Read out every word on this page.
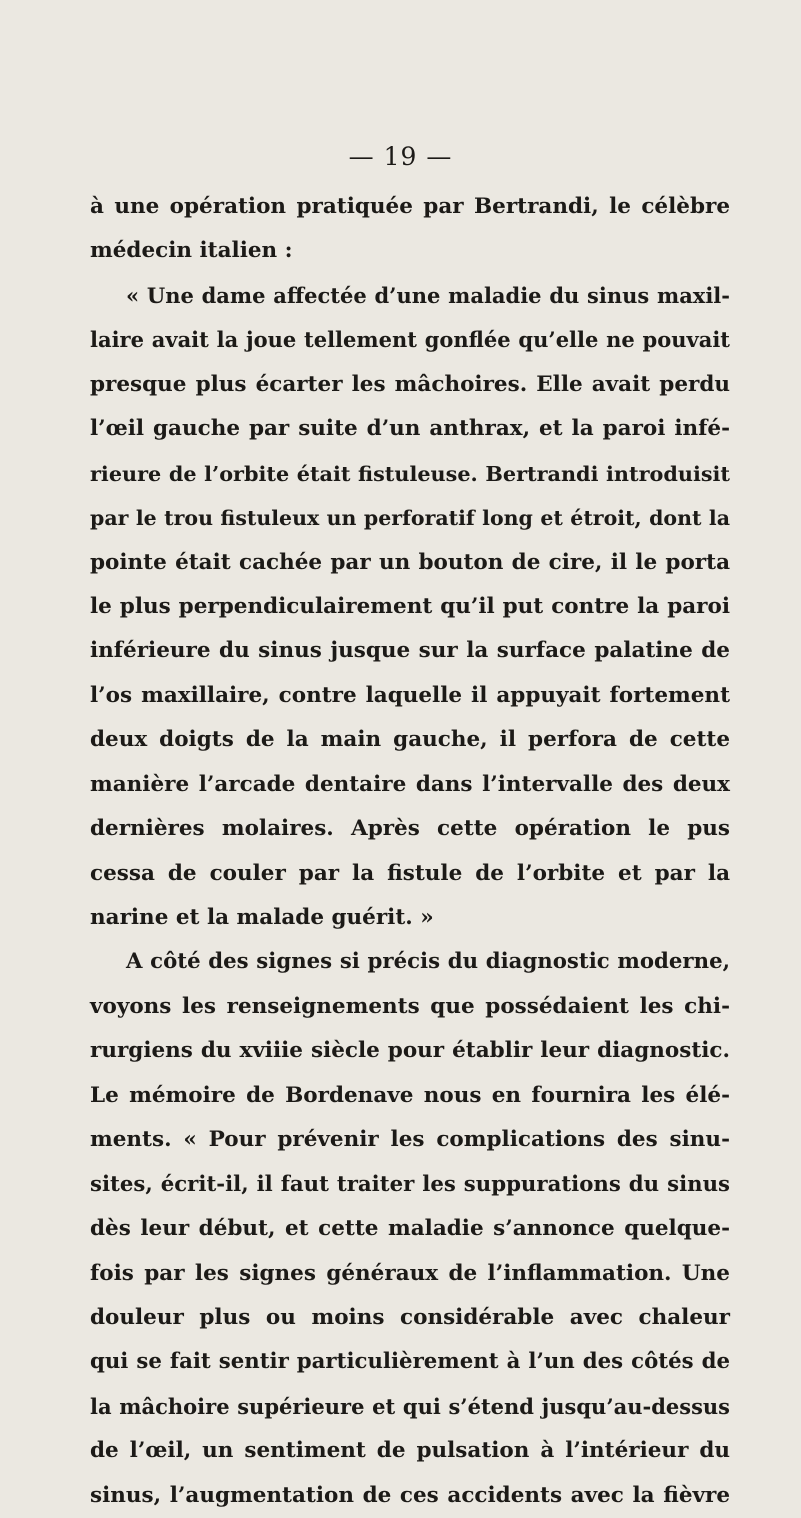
— 19 —
à une opération pratiquée par Bertrandi, le célèbre
médecin italien :
« Une dame affectée d’une maladie du sinus maxil-
laire avait la joue tellement gonflée qu’elle ne pouvait
presque plus écarter les mâchoires. Elle avait perdu
l’œil gauche par suite d’un anthrax, et la paroi infé-
rieure de l’orbite était fistuleuse. Bertrandi introduisit
par le trou fistuleux un perforatif long et étroit, dont la
pointe était cachée par un bouton de cire, il le porta
le plus perpendiculairement qu’il put contre la paroi
inférieure du sinus jusque sur la surface palatine de
l’os maxillaire, contre laquelle il appuyait fortement
deux doigts de la main gauche, il perfora de cette
manière l’arcade dentaire dans l’intervalle des deux
dernières molaires. Après cette opération le pus
cessa de couler par la fistule de l’orbite et par la
narine et la malade guérit. »
A côté des signes si précis du diagnostic moderne,
voyons les renseignements que possédaient les chi-
rurgiens du xviiie siècle pour établir leur diagnostic.
Le mémoire de Bordenave nous en fournira les élé-
ments. « Pour prévenir les complications des sinu-
sites, écrit-il, il faut traiter les suppurations du sinus
dès leur début, et cette maladie s’annonce quelque-
fois par les signes généraux de l’inflammation. Une
douleur plus ou moins considérable avec chaleur
qui se fait sentir particulièrement à l’un des côtés de
la mâchoire supérieure et qui s’étend jusqu’au-dessus
de l’œil, un sentiment de pulsation à l’intérieur du
sinus, l’augmentation de ces accidents avec la fièvre
